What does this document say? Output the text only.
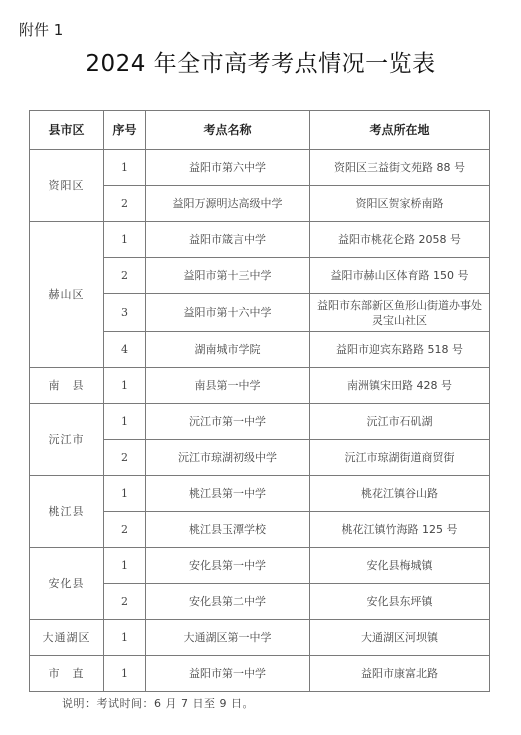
附件 1
2024 年全市高考考点情况一览表
县市区	序号	考点名称	考点所在地
资阳区	1	益阳市第六中学	资阳区三益街文苑路 88 号
	2	益阳万源明达高级中学	资阳区贺家桥南路
赫山区	1	益阳市箴言中学	益阳市桃花仑路 2058 号
	2	益阳市第十三中学	益阳市赫山区体育路 150 号
	3	益阳市第十六中学	益阳市东部新区鱼形山街道办事处灵宝山社区
	4	湖南城市学院	益阳市迎宾东路路 518 号
南　县	1	南县第一中学	南洲镇宋田路 428 号
沅江市	1	沅江市第一中学	沅江市石矶湖
	2	沅江市琼湖初级中学	沅江市琼湖街道商贸街
桃江县	1	桃江县第一中学	桃花江镇谷山路
	2	桃江县玉潭学校	桃花江镇竹海路 125 号
安化县	1	安化县第一中学	安化县梅城镇
	2	安化县第二中学	安化县东坪镇
大通湖区	1	大通湖区第一中学	大通湖区河坝镇
市　直	1	益阳市第一中学	益阳市康富北路
说明：考试时间：6 月 7 日至 9 日。
